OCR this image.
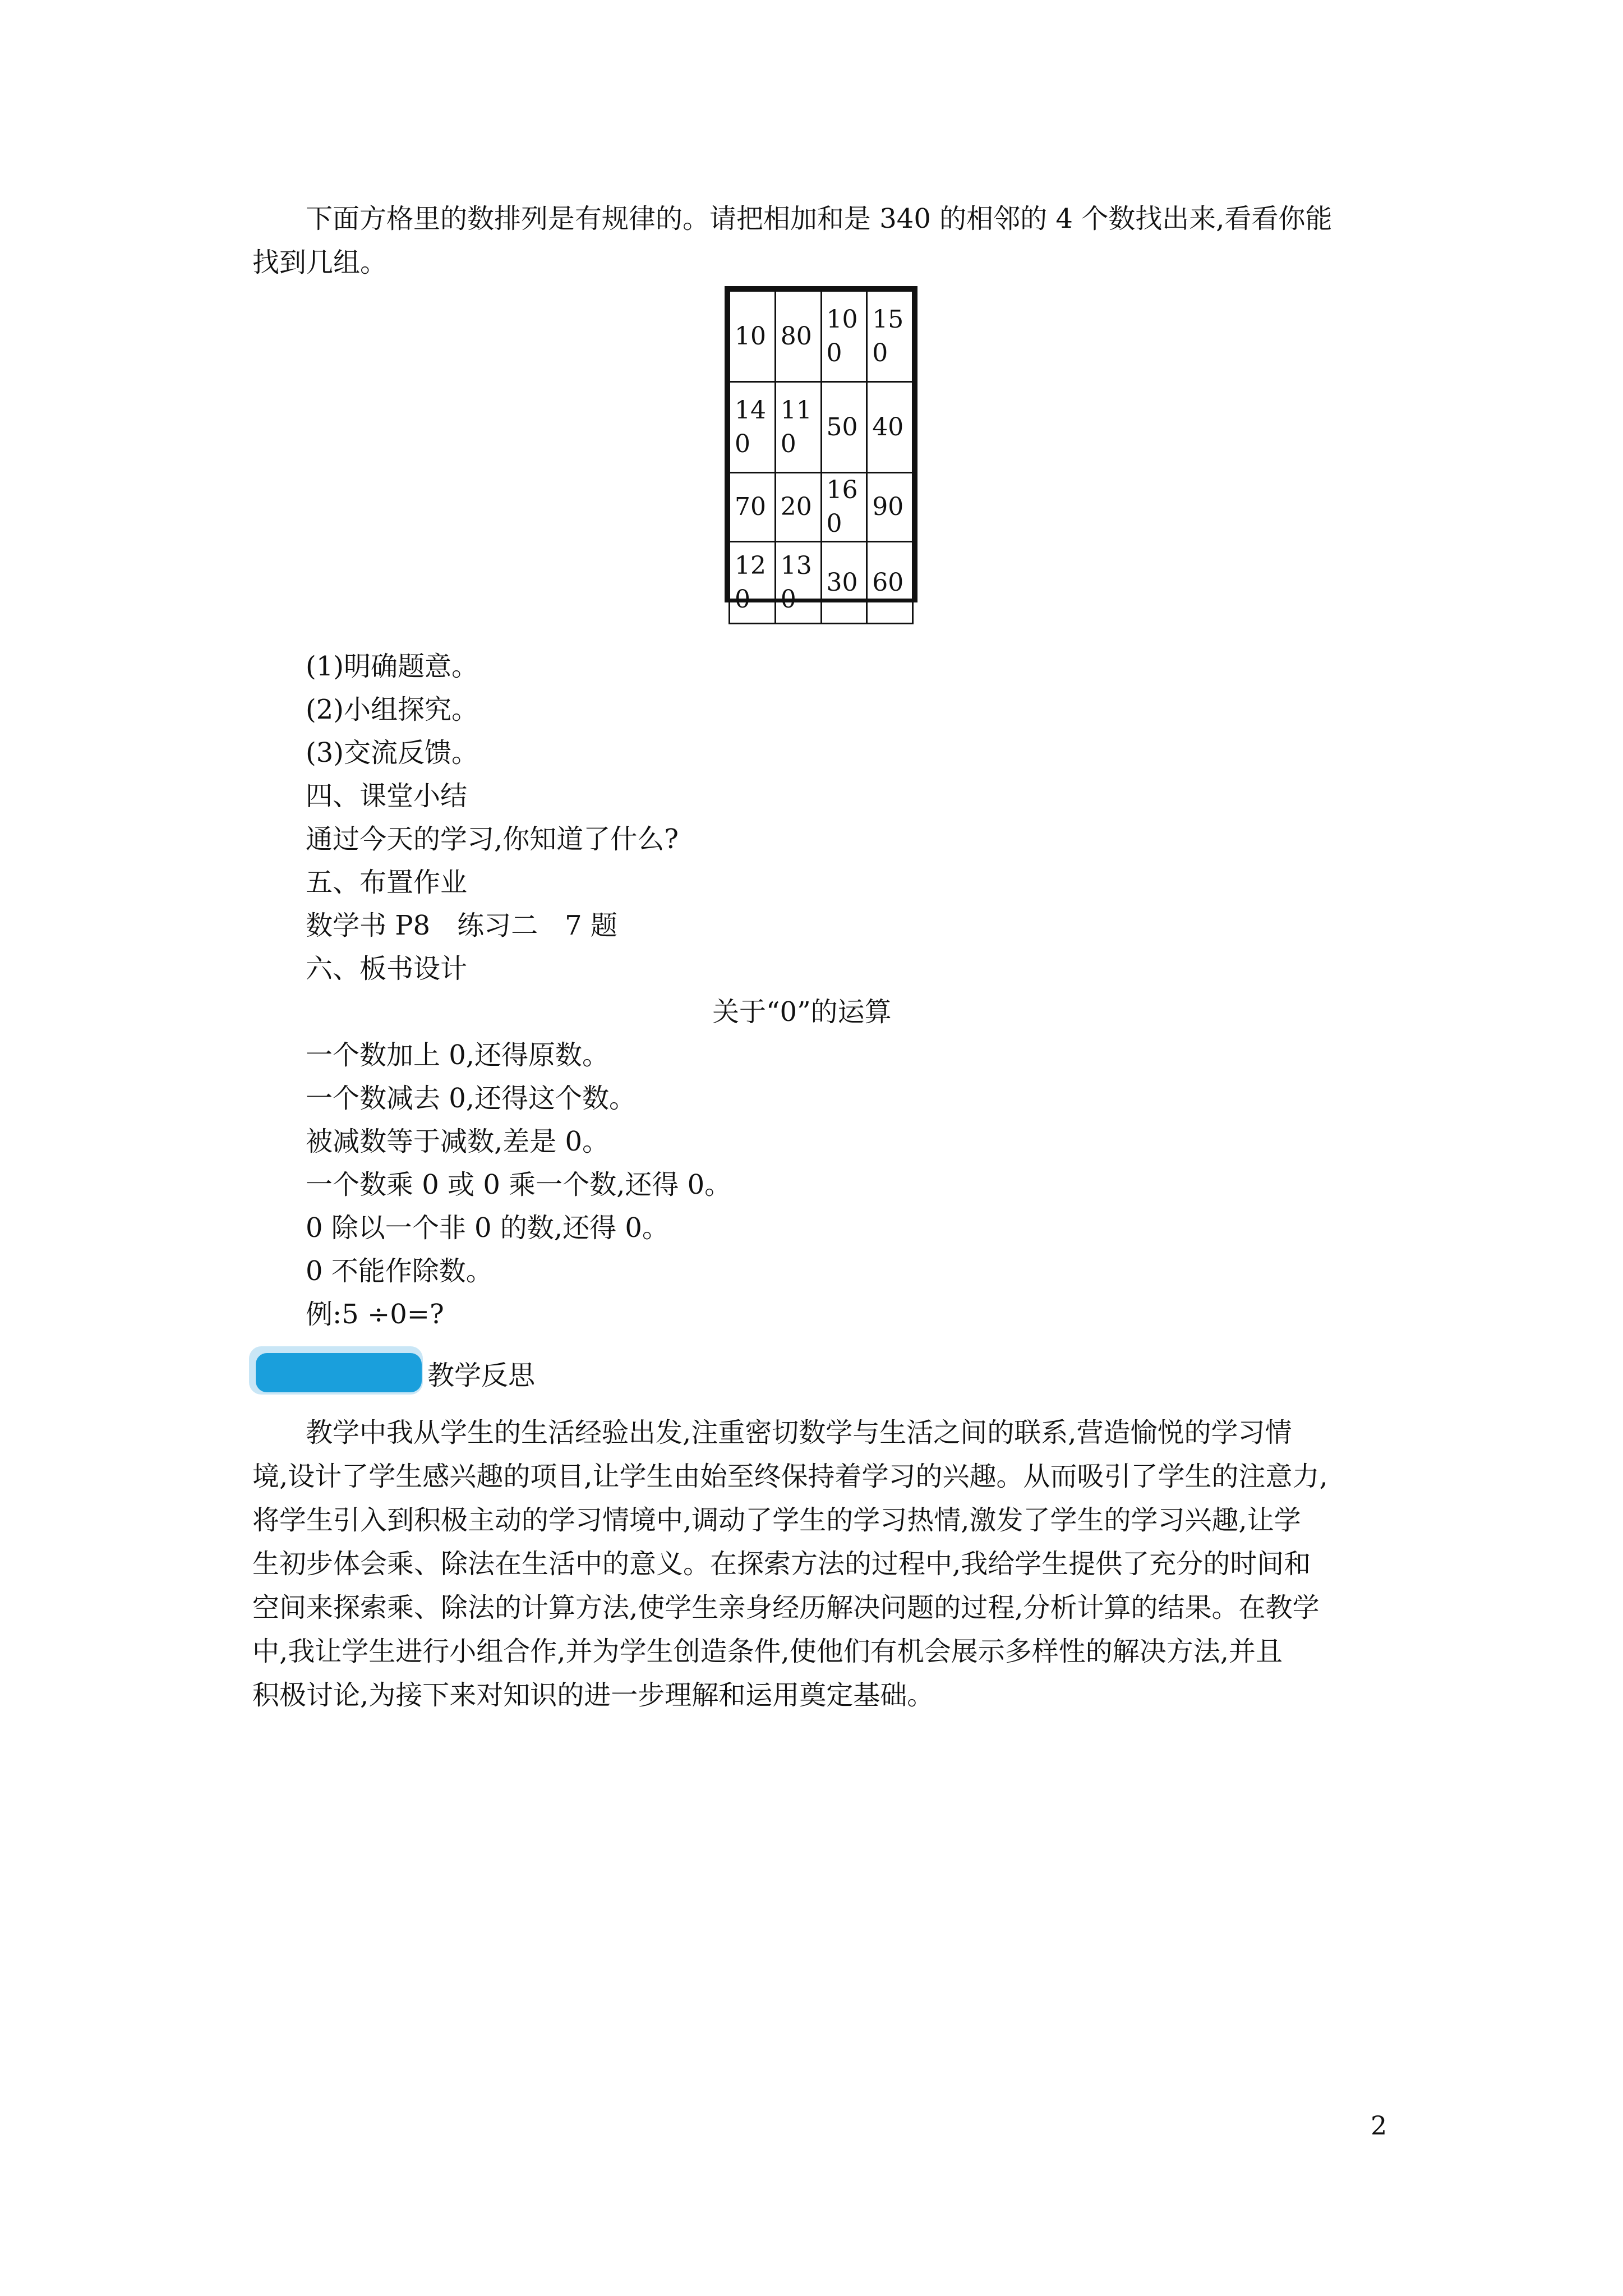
下面方格里的数排列是有规律的。请把相加和是 340 的相邻的 4 个数找出来,看看你能
找到几组。
10	80	100	150
140	110	50	40
70	20	160	90
120	130	30	60
(1)明确题意。
(2)小组探究。
(3)交流反馈。
四、课堂小结
通过今天的学习,你知道了什么?
五、布置作业
数学书 P8　练习二　7 题
六、板书设计
关于“0”的运算
一个数加上 0,还得原数。
一个数减去 0,还得这个数。
被减数等于减数,差是 0。
一个数乘 0 或 0 乘一个数,还得 0。
0 除以一个非 0 的数,还得 0。
0 不能作除数。
例:5 ÷0=?
教学反思
教学中我从学生的生活经验出发,注重密切数学与生活之间的联系,营造愉悦的学习情
境,设计了学生感兴趣的项目,让学生由始至终保持着学习的兴趣。从而吸引了学生的注意力,
将学生引入到积极主动的学习情境中,调动了学生的学习热情,激发了学生的学习兴趣,让学
生初步体会乘、除法在生活中的意义。在探索方法的过程中,我给学生提供了充分的时间和
空间来探索乘、除法的计算方法,使学生亲身经历解决问题的过程,分析计算的结果。在教学
中,我让学生进行小组合作,并为学生创造条件,使他们有机会展示多样性的解决方法,并且
积极讨论,为接下来对知识的进一步理解和运用奠定基础。
2
